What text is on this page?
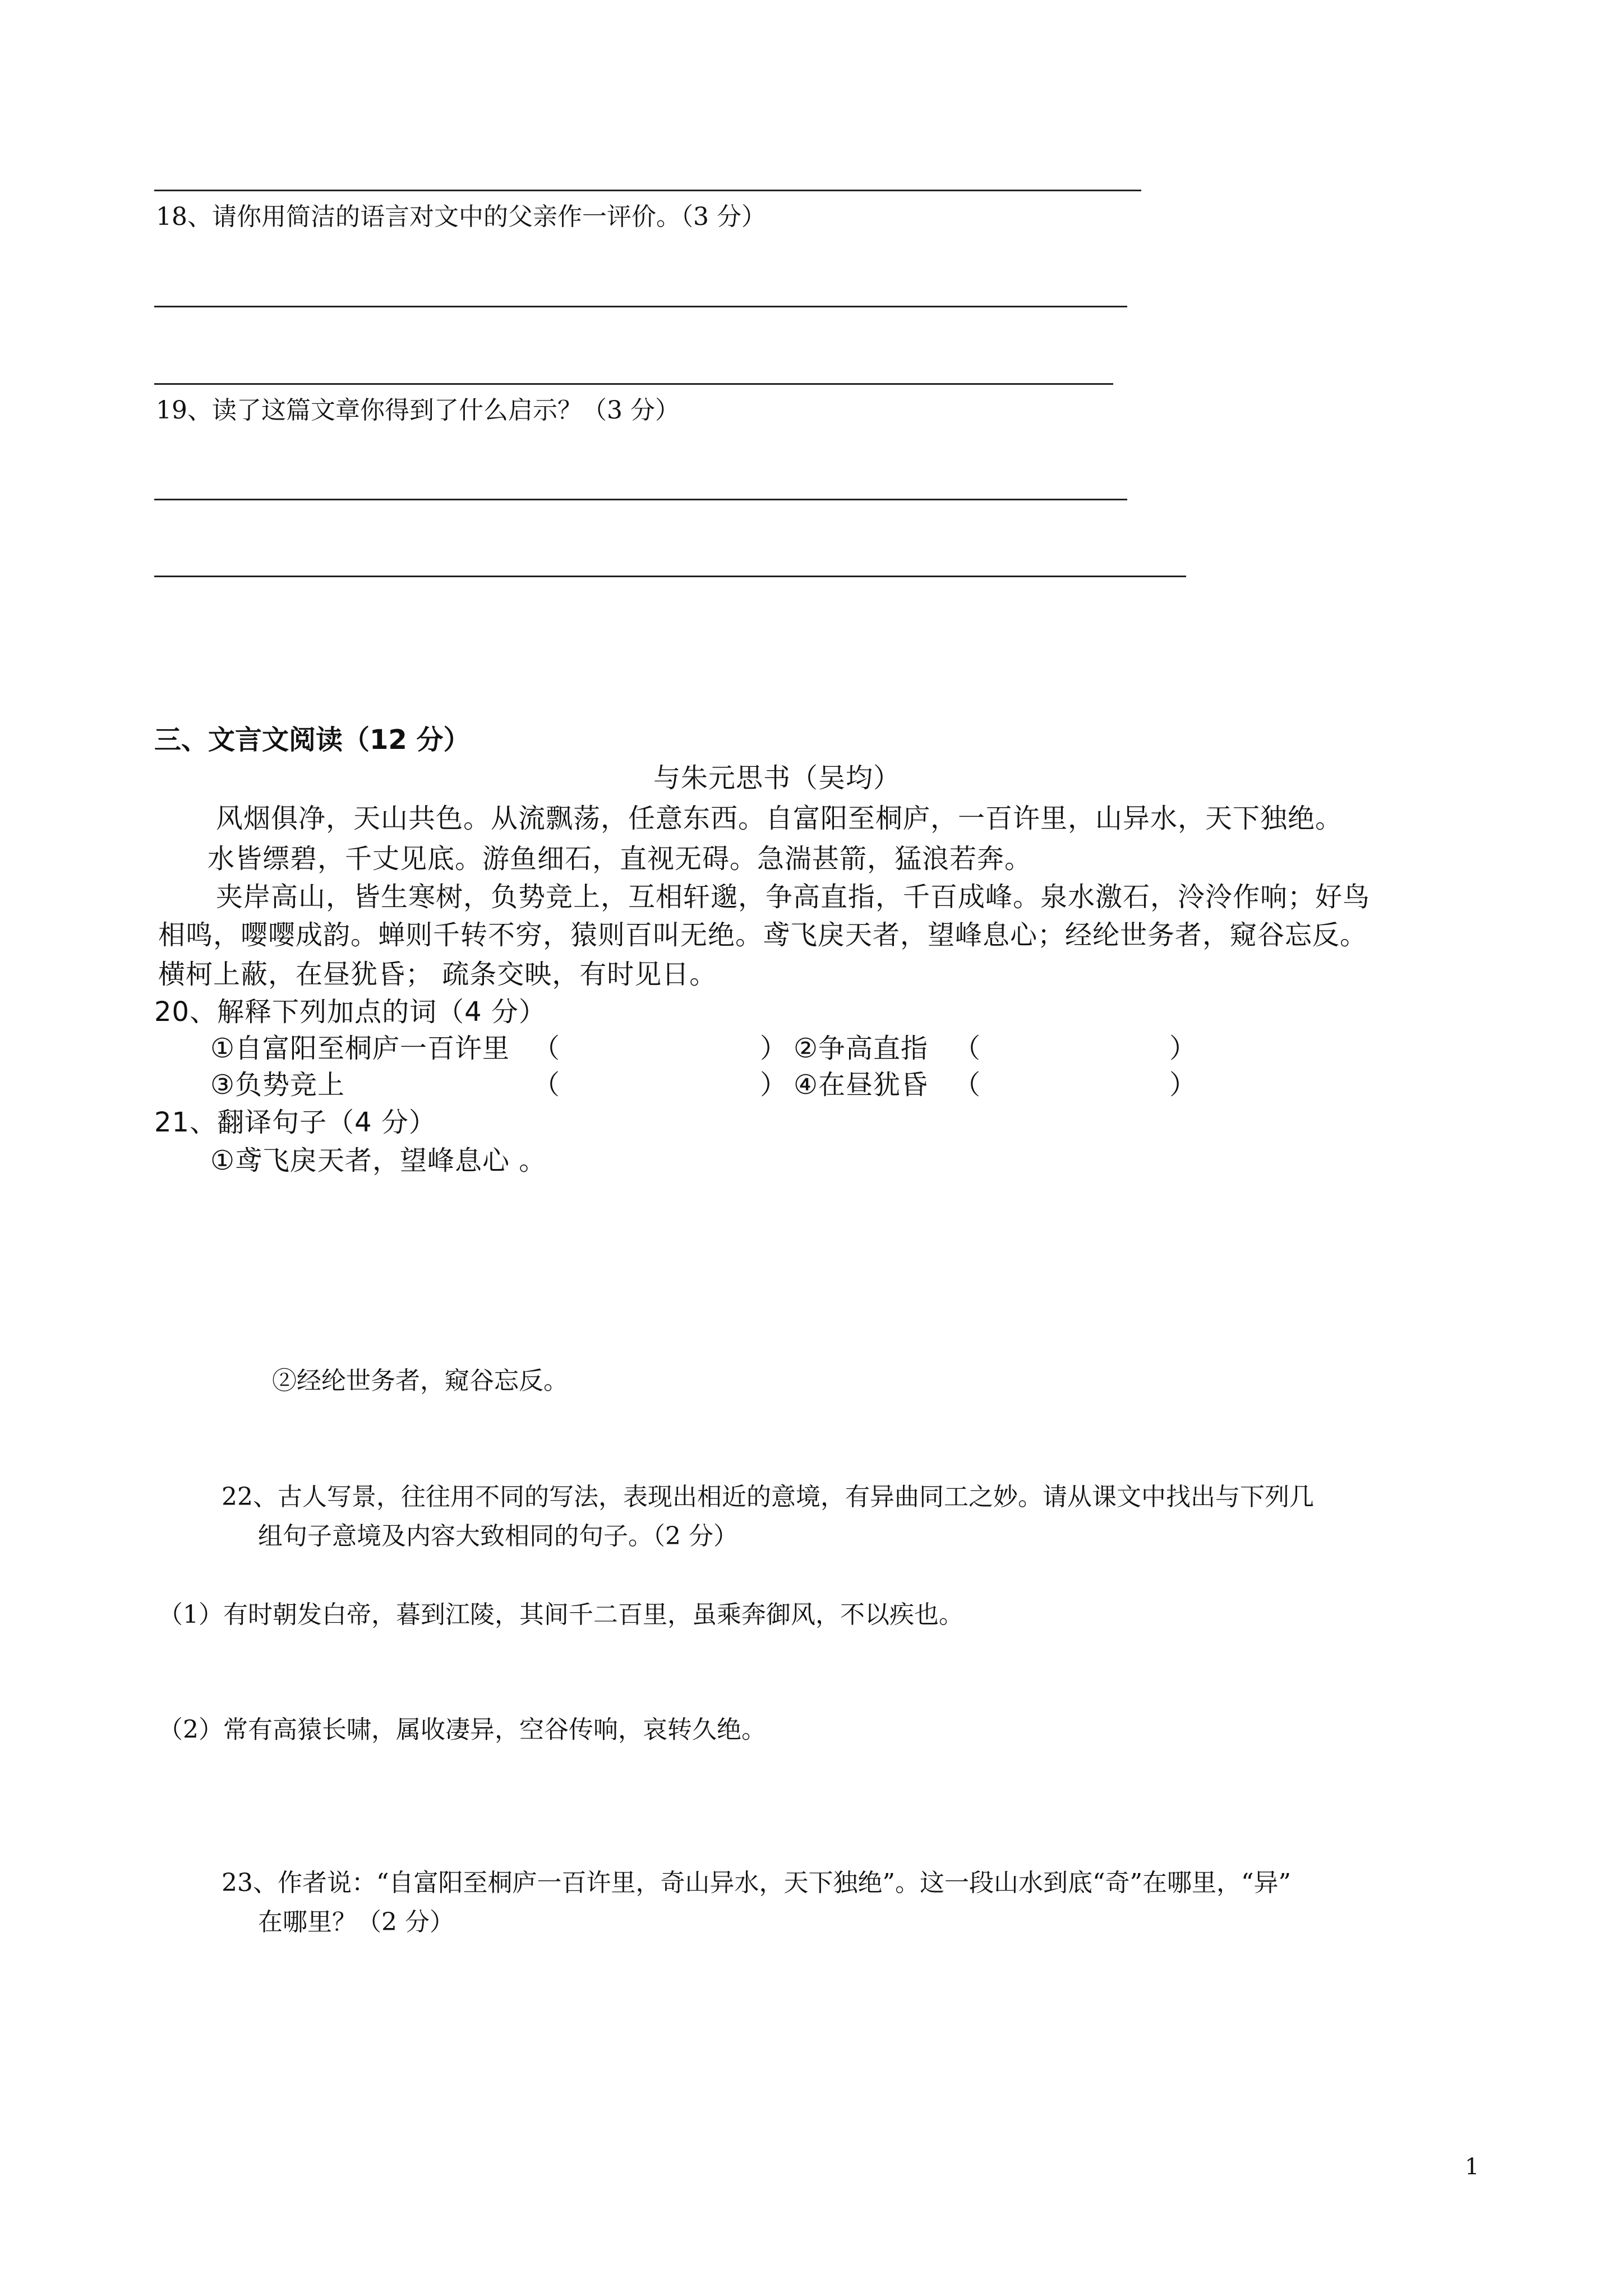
18、请你用简洁的语言对文中的父亲作一评价。（3 分）
19、读了这篇文章你得到了什么启示？（3 分）
三、文言文阅读（12 分）
与朱元思书（吴均）
风烟俱净，天山共色。从流飘荡，任意东西。自富阳至桐庐，一百许里，山异水，天下独绝。
水皆缥碧，千丈见底。游鱼细石，直视无碍。急湍甚箭，猛浪若奔。
夹岸高山，皆生寒树，负势竞上，互相轩邈，争高直指，千百成峰。泉水激石，泠泠作响；好鸟
相鸣，嘤嘤成韵。蝉则千转不穷，猿则百叫无绝。鸢飞戾天者，望峰息心；经纶世务者，窥谷忘反。
横柯上蔽，在昼犹昏； 疏条交映，有时见日。
20、解释下列加点的词（4 分）
①自富阳至桐庐一百许里 （	） ②争高直指 （	）
③负势竞上	（	） ④在昼犹昏 （	）
21、翻译句子（4 分）
①鸢飞戾天者，望峰息心 。
②经纶世务者，窥谷忘反。
22、古人写景，往往用不同的写法，表现出相近的意境，有异曲同工之妙。请从课文中找出与下列几
组句子意境及内容大致相同的句子。（2 分）
（1）有时朝发白帝，暮到江陵，其间千二百里，虽乘奔御风，不以疾也。
（2）常有高猿长啸，属收凄异，空谷传响，哀转久绝。
23、作者说：“自富阳至桐庐一百许里，奇山异水，天下独绝”。这一段山水到底“奇”在哪里，“异”
在哪里？（2 分）
1
